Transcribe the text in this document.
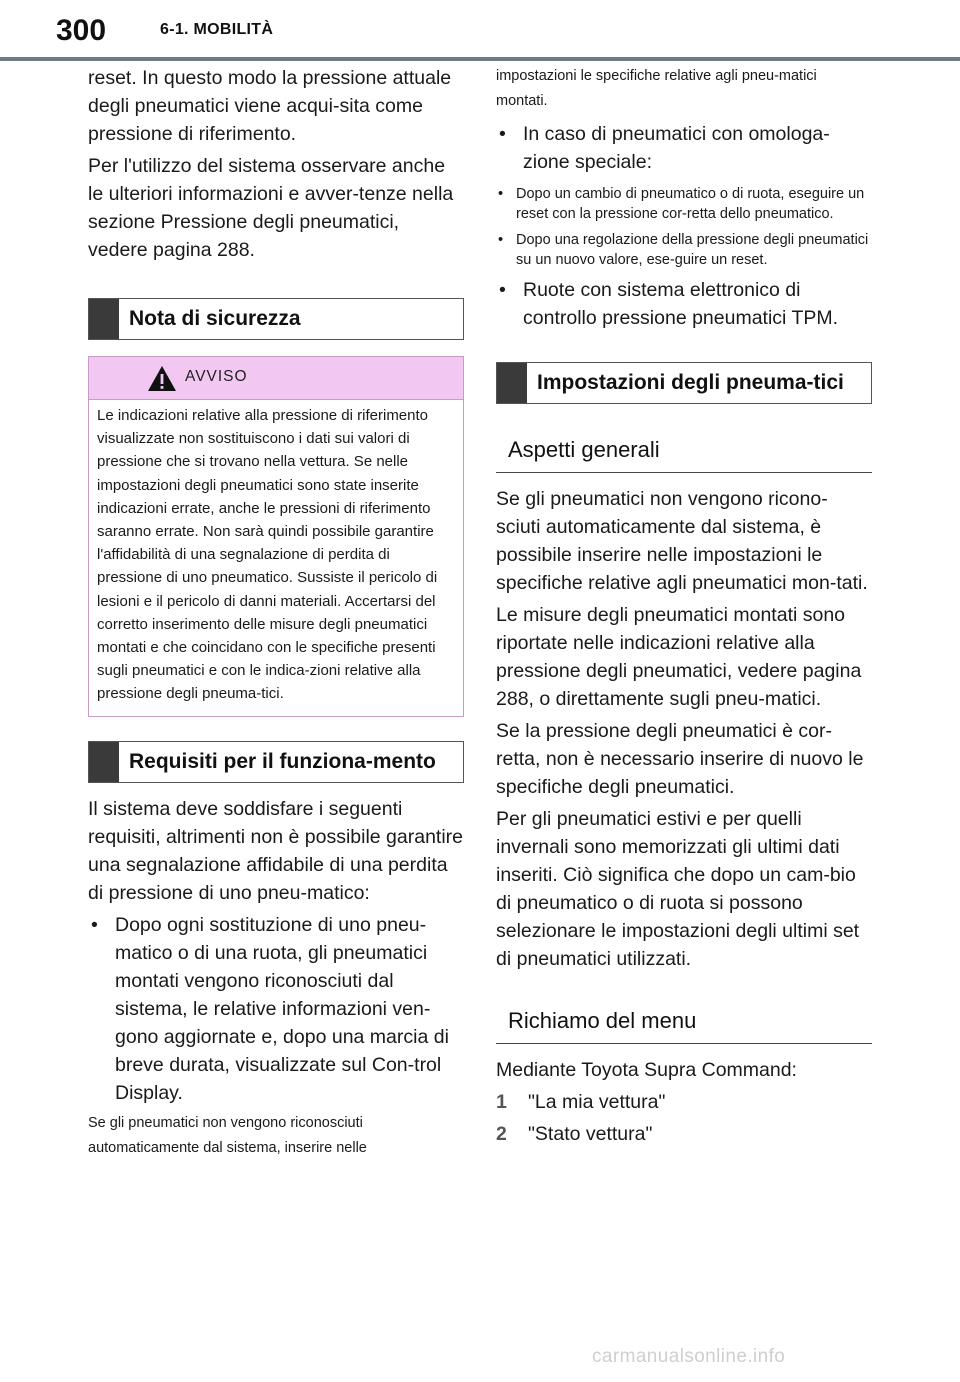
300	6-1. MOBILITÀ

reset. In questo modo la pressione attuale degli pneumatici viene acqui-sita come pressione di riferimento.

Per l'utilizzo del sistema osservare anche le ulteriori informazioni e avver-tenze nella sezione Pressione degli pneumatici, vedere pagina 288.

Nota di sicurezza
AVVISO
Le indicazioni relative alla pressione di riferimento visualizzate non sostituiscono i dati sui valori di pressione che si trovano nella vettura. Se nelle impostazioni degli pneumatici sono state inserite indicazioni errate, anche le pressioni di riferimento saranno errate. Non sarà quindi possibile garantire l'affidabilità di una segnalazione di perdita di pressione di uno pneumatico. Sussiste il pericolo di lesioni e il pericolo di danni materiali. Accertarsi del corretto inserimento delle misure degli pneumatici montati e che coincidano con le specifiche presenti sugli pneumatici e con le indica-zioni relative alla pressione degli pneuma-tici.
Requisiti per il funziona-mento

Il sistema deve soddisfare i seguenti requisiti, altrimenti non è possibile garantire una segnalazione affidabile di una perdita di pressione di uno pneu-matico:

• Dopo ogni sostituzione di uno pneu-matico o di una ruota, gli pneumatici montati vengono riconosciuti dal sistema, le relative informazioni ven-gono aggiornate e, dopo una marcia di breve durata, visualizzate sul Con-trol Display.

Se gli pneumatici non vengono riconosciuti automaticamente dal sistema, inserire nelle

impostazioni le specifiche relative agli pneu-matici montati.

• In caso di pneumatici con omologa-zione speciale:
• Dopo un cambio di pneumatico o di ruota, eseguire un reset con la pressione cor-retta dello pneumatico.
• Dopo una regolazione della pressione degli pneumatici su un nuovo valore, ese-guire un reset.
• Ruote con sistema elettronico di controllo pressione pneumatici TPM.
Impostazioni degli pneuma-tici
Aspetti generali

Se gli pneumatici non vengono ricono-sciuti automaticamente dal sistema, è possibile inserire nelle impostazioni le specifiche relative agli pneumatici mon-tati.

Le misure degli pneumatici montati sono riportate nelle indicazioni relative alla pressione degli pneumatici, vedere pagina 288, o direttamente sugli pneu-matici.

Se la pressione degli pneumatici è cor-retta, non è necessario inserire di nuovo le specifiche degli pneumatici.

Per gli pneumatici estivi e per quelli invernali sono memorizzati gli ultimi dati inseriti. Ciò significa che dopo un cam-bio di pneumatico o di ruota si possono selezionare le impostazioni degli ultimi set di pneumatici utilizzati.

Richiamo del menu

Mediante Toyota Supra Command:

1	"La mia vettura"
2	"Stato vettura"
carmanualsonline.info
